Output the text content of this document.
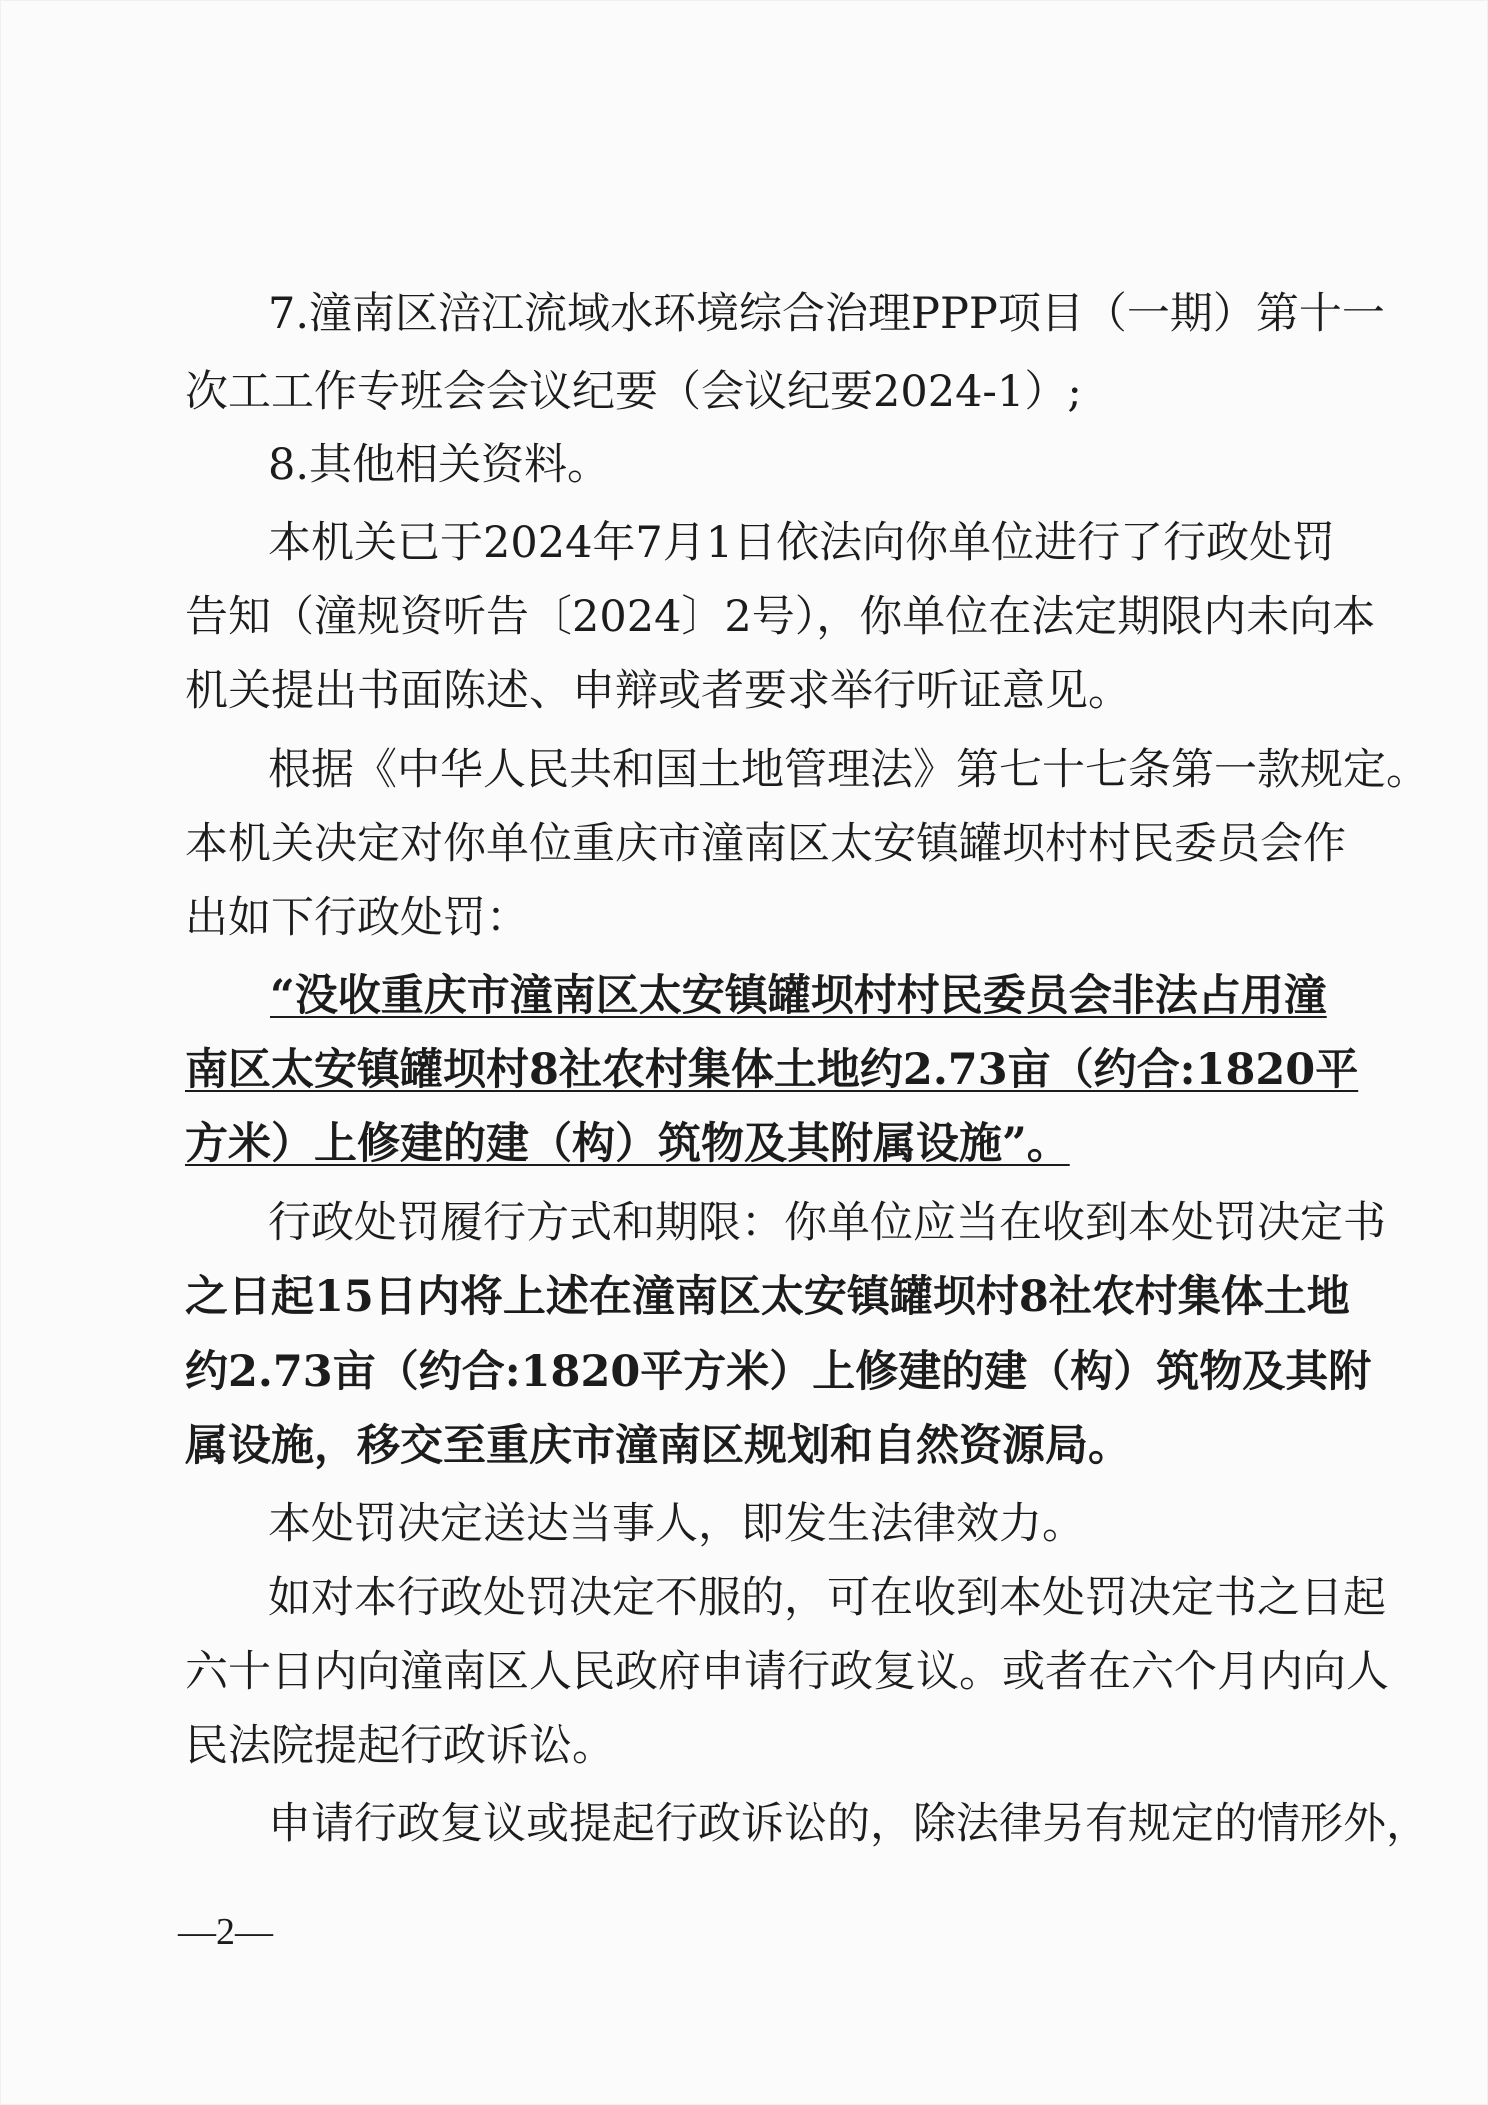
7.潼南区涪江流域水环境综合治理PPP项目（一期）第十一
次工工作专班会会议纪要（会议纪要2024-1）;
8.其他相关资料。
本机关已于2024年7月1日依法向你单位进行了行政处罚
告知（潼规资听告〔2024〕2号），你单位在法定期限内未向本
机关提出书面陈述、申辩或者要求举行听证意见。
根据《中华人民共和国土地管理法》第七十七条第一款规定。
本机关决定对你单位重庆市潼南区太安镇罐坝村村民委员会作
出如下行政处罚：
“没收重庆市潼南区太安镇罐坝村村民委员会非法占用潼
南区太安镇罐坝村8社农村集体土地约2.73亩（约合:1820平
方米）上修建的建（构）筑物及其附属设施”。
行政处罚履行方式和期限：你单位应当在收到本处罚决定书
之日起15日内将上述在潼南区太安镇罐坝村8社农村集体土地
约2.73亩（约合:1820平方米）上修建的建（构）筑物及其附
属设施，移交至重庆市潼南区规划和自然资源局。
本处罚决定送达当事人，即发生法律效力。
如对本行政处罚决定不服的，可在收到本处罚决定书之日起
六十日内向潼南区人民政府申请行政复议。或者在六个月内向人
民法院提起行政诉讼。
申请行政复议或提起行政诉讼的，除法律另有规定的情形外，
—2—
